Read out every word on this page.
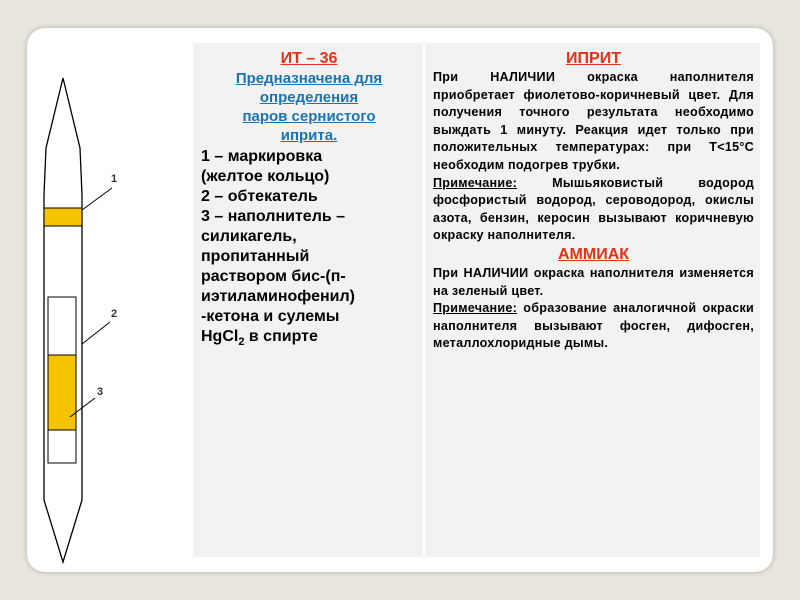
1
2
3
ИТ – 36
Предназначена для
определения
паров сернистого
иприта.
1 – маркировка
(желтое кольцо)
2 – обтекатель
3 – наполнитель –
силикагель,
пропитанный
раствором бис-(п-
иэтиламинофенил)
-кетона и сулемы
HgCl$_2$ в спирте
ИПРИТ
При НАЛИЧИИ окраска наполнителя приобретает фиолетово-коричневый цвет. Для получения точного результата необходимо выждать 1 минуту. Реакция идет только при положительных температурах: при Т<15°С необходим подогрев трубки.
Примечание: Мышьяковистый водород фосфористый водород, сероводород, окислы азота, бензин, керосин вызывают коричневую окраску наполнителя.
АММИАК
При НАЛИЧИИ окраска наполнителя изменяется на зеленый цвет.
Примечание: образование аналогичной окраски наполнителя вызывают фосген, дифосген, металлохлоридные дымы.
